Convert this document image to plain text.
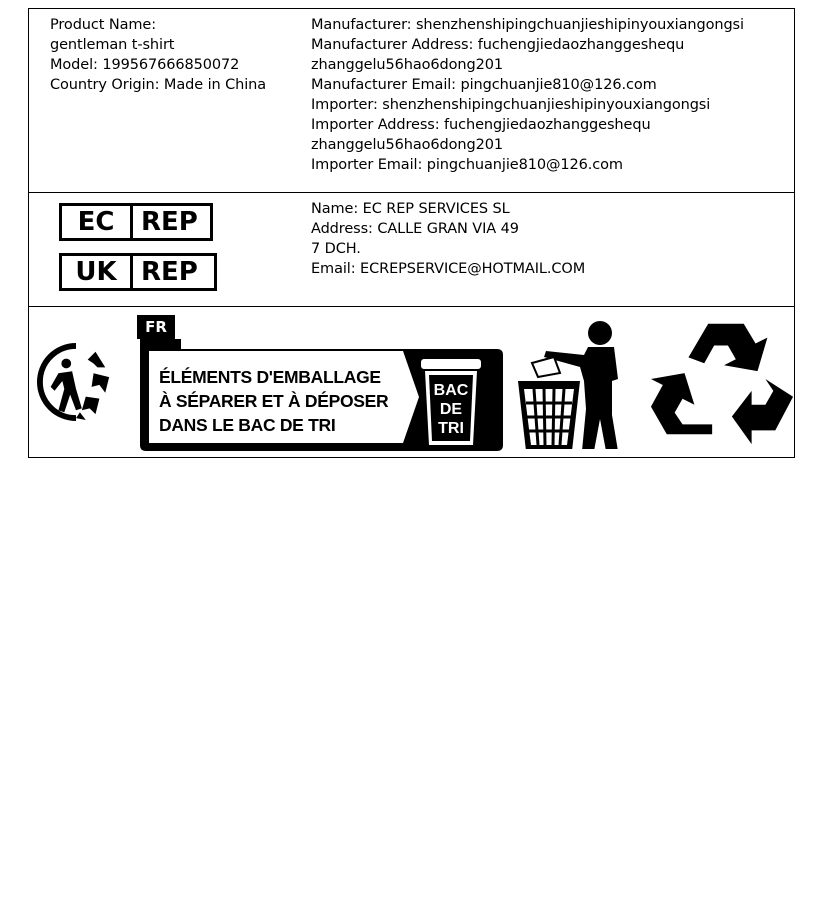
Product Name:
gentleman t-shirt
Model: 199567666850072
Country Origin: Made in China
Manufacturer: shenzhenshipingchuanjieshipinyouxiangongsi
Manufacturer Address: fuchengjiedaozhanggeshequ
zhanggelu56hao6dong201
Manufacturer Email: pingchuanjie810@126.com
Importer: shenzhenshipingchuanjieshipinyouxiangongsi
Importer Address: fuchengjiedaozhanggeshequ
zhanggelu56hao6dong201
Importer Email: pingchuanjie810@126.com
EC	REP
UK REP
Name: EC REP SERVICES SL
Address: CALLE GRAN VIA 49
7 DCH.
Email: ECREPSERVICE@HOTMAIL.COM
FR
ÉLÉMENTS D'EMBALLAGE
À SÉPARER ET À DÉPOSER
DANS LE BAC DE TRI
BAC
DE
TRI
